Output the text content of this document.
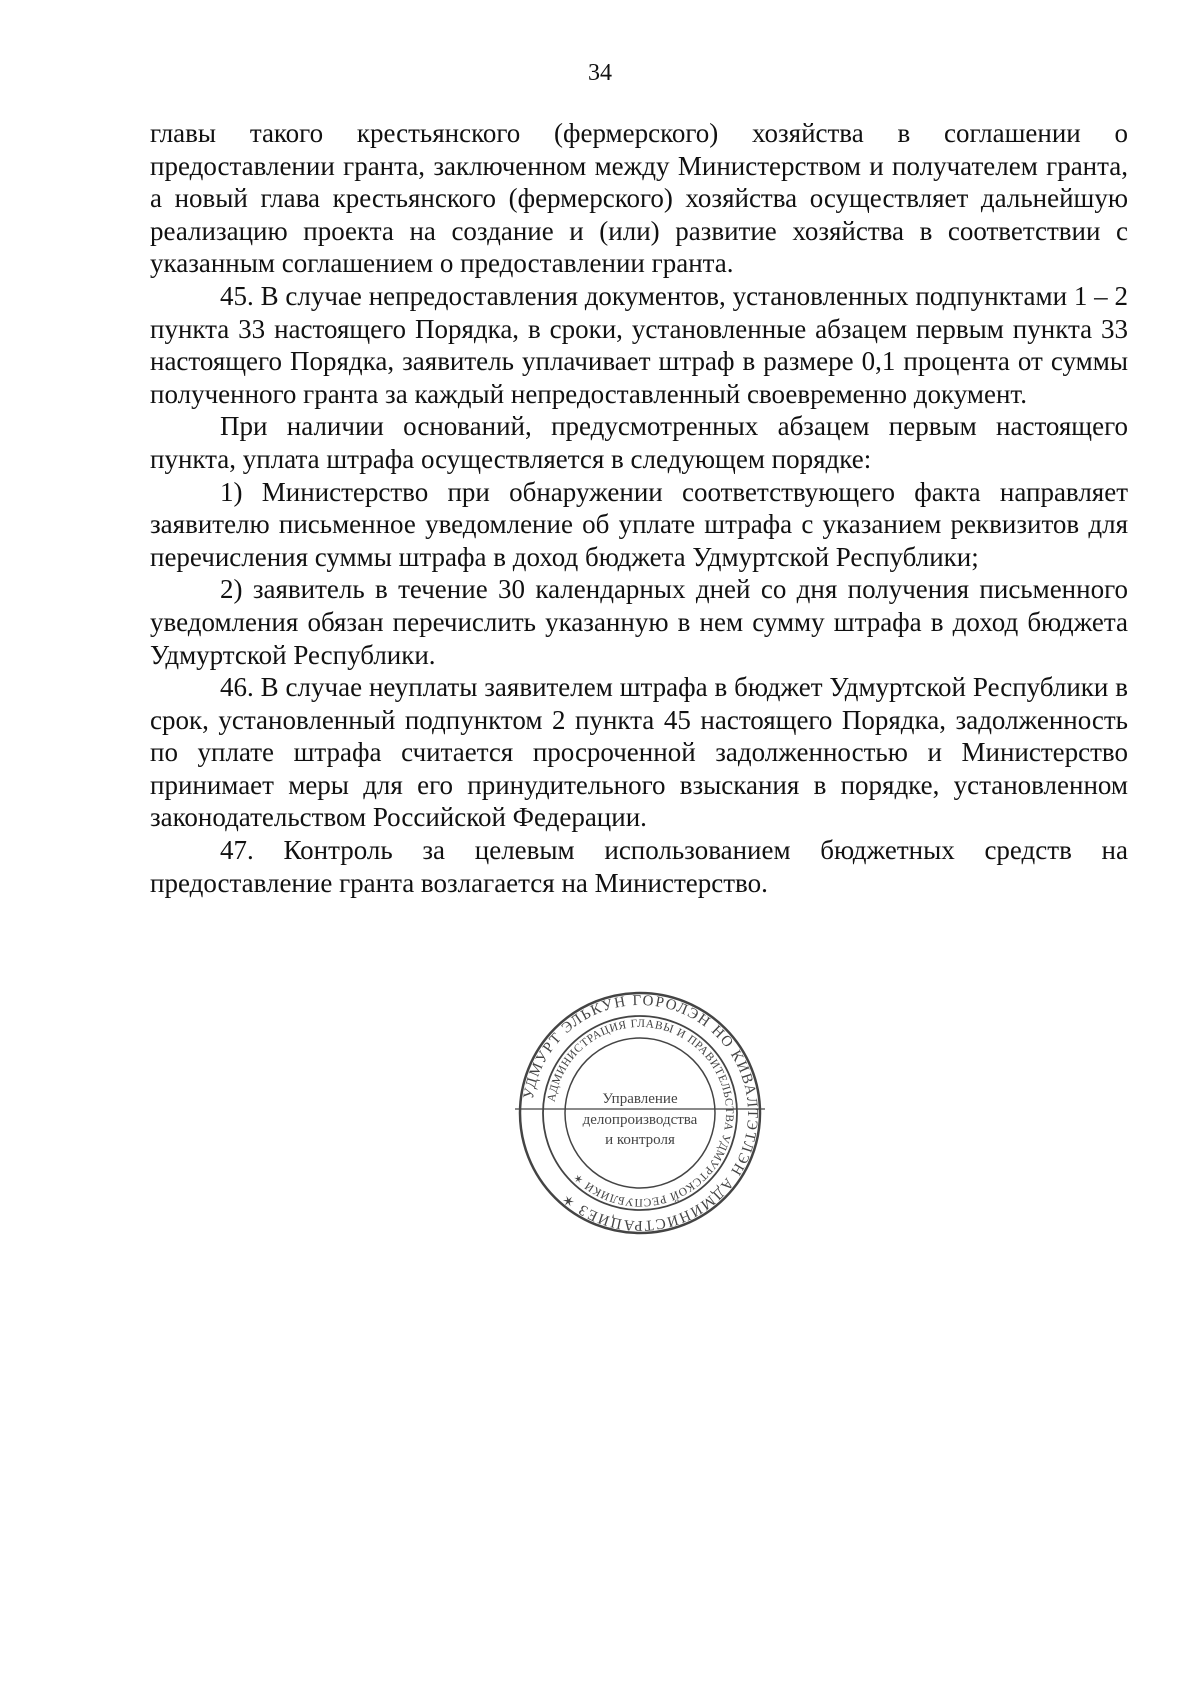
34

главы такого крестьянского (фермерского) хозяйства в соглашении о предоставлении гранта, заключенном между Министерством и получателем гранта, а новый глава крестьянского (фермерского) хозяйства осуществляет дальнейшую реализацию проекта на создание и (или) развитие хозяйства в соответствии с указанным соглашением о предоставлении гранта.

45. В случае непредоставления документов, установленных подпунктами 1 – 2 пункта 33 настоящего Порядка, в сроки, установленные абзацем первым пункта 33 настоящего Порядка, заявитель уплачивает штраф в размере 0,1 процента от суммы полученного гранта за каждый непредоставленный своевременно документ.

При наличии оснований, предусмотренных абзацем первым настоящего пункта, уплата штрафа осуществляется в следующем порядке:

1) Министерство при обнаружении соответствующего факта направляет заявителю письменное уведомление об уплате штрафа с указанием реквизитов для перечисления суммы штрафа в доход бюджета Удмуртской Республики;

2) заявитель в течение 30 календарных дней со дня получения письменного уведомления обязан перечислить указанную в нем сумму штрафа в доход бюджета Удмуртской Республики.

46. В случае неуплаты заявителем штрафа в бюджет Удмуртской Республики в срок, установленный подпунктом 2 пункта 45 настоящего Порядка, задолженность по уплате штрафа считается просроченной задолженностью и Министерство принимает меры для его принудительного взыскания в порядке, установленном законодательством Российской Федерации.

47. Контроль за целевым использованием бюджетных средств на предоставление гранта возлагается на Министерство.

УДМУРТ ЭЛЬКУН ГОРОЛЭН НО КИВАЛТЭТЛЭН АДМИНИСТРАЦИЕЗ ✶
АДМИНИСТРАЦИЯ ГЛАВЫ И ПРАВИТЕЛЬСТВА УДМУРТСКОЙ РЕСПУБЛИКИ ✶
Управление
делопроизводства
и контроля
